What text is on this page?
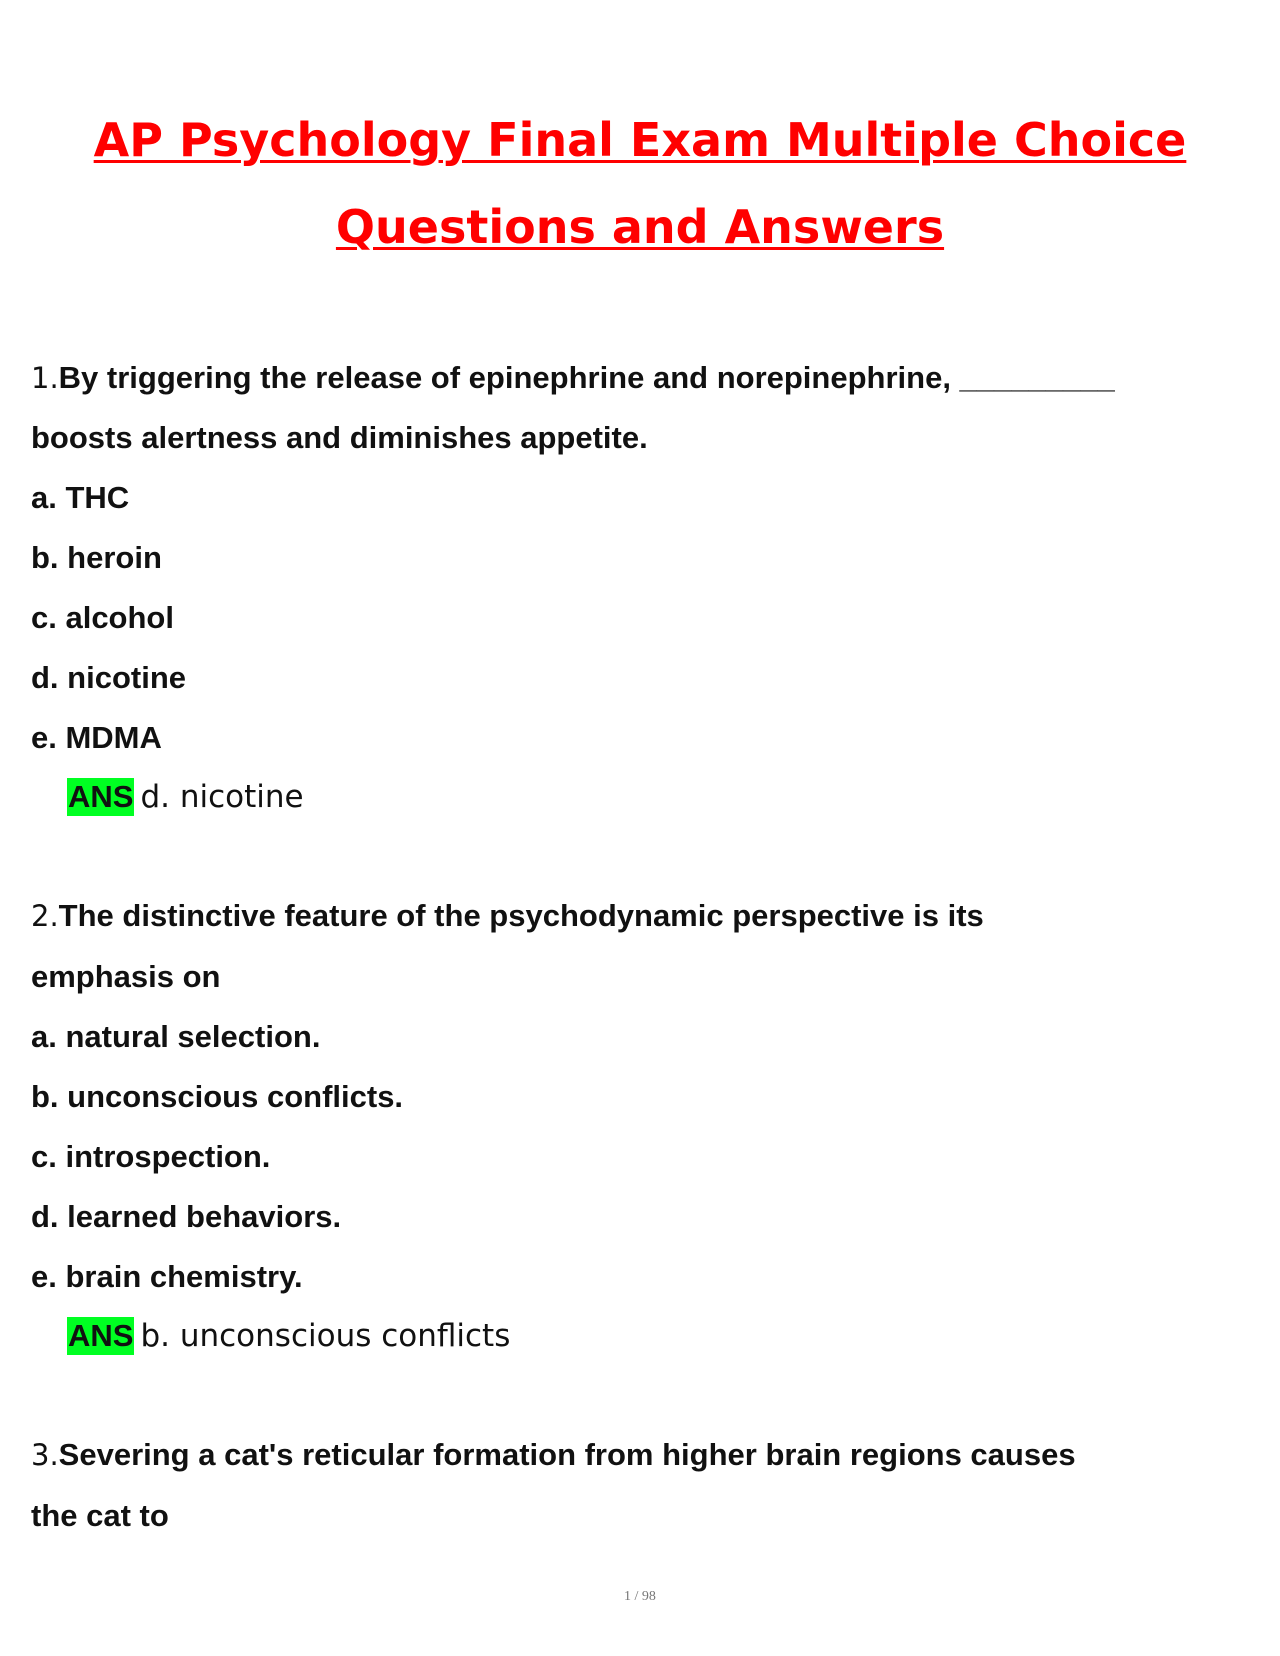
AP Psychology Final Exam Multiple Choice
Questions and Answers
1.By triggering the release of epinephrine and norepinephrine, _________
boosts alertness and diminishes appetite.
a. THC
b. heroin
c. alcohol
d. nicotine
e. MDMA
ANS d. nicotine
2.The distinctive feature of the psychodynamic perspective is its
emphasis on
a. natural selection.
b. unconscious conflicts.
c. introspection.
d. learned behaviors.
e. brain chemistry.
ANS b. unconscious conflicts
3.Severing a cat's reticular formation from higher brain regions causes
the cat to
1 / 98
